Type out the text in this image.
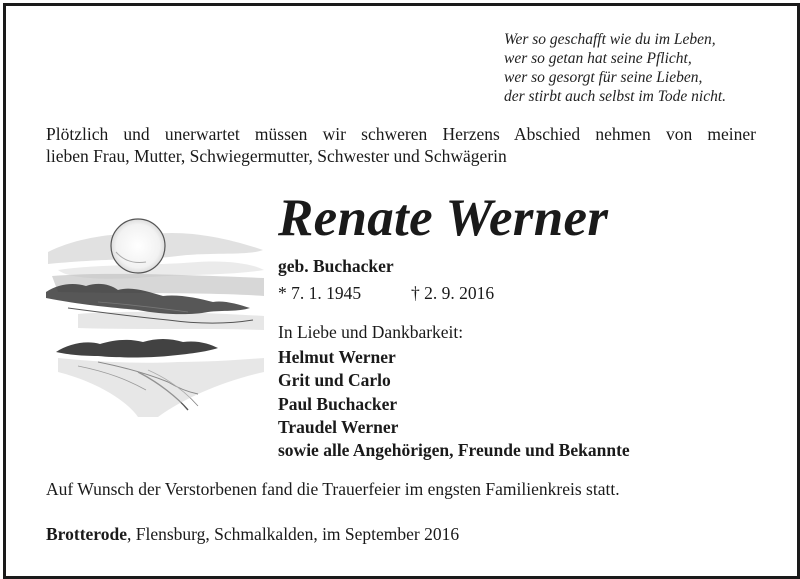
Wer so geschafft wie du im Leben,
wer so getan hat seine Pflicht,
wer so gesorgt für seine Lieben,
der stirbt auch selbst im Tode nicht.
Plötzlich und unerwartet müssen wir schweren Herzens Abschied nehmen von meiner
lieben Frau, Mutter, Schwiegermutter, Schwester und Schwägerin
Renate Werner
geb. Buchacker
* 7. 1. 1945	† 2. 9. 2016
In Liebe und Dankbarkeit:
Helmut Werner
Grit und Carlo
Paul Buchacker
Traudel Werner
sowie alle Angehörigen, Freunde und Bekannte
Auf Wunsch der Verstorbenen fand die Trauerfeier im engsten Familienkreis statt.
Brotterode, Flensburg, Schmalkalden, im September 2016
